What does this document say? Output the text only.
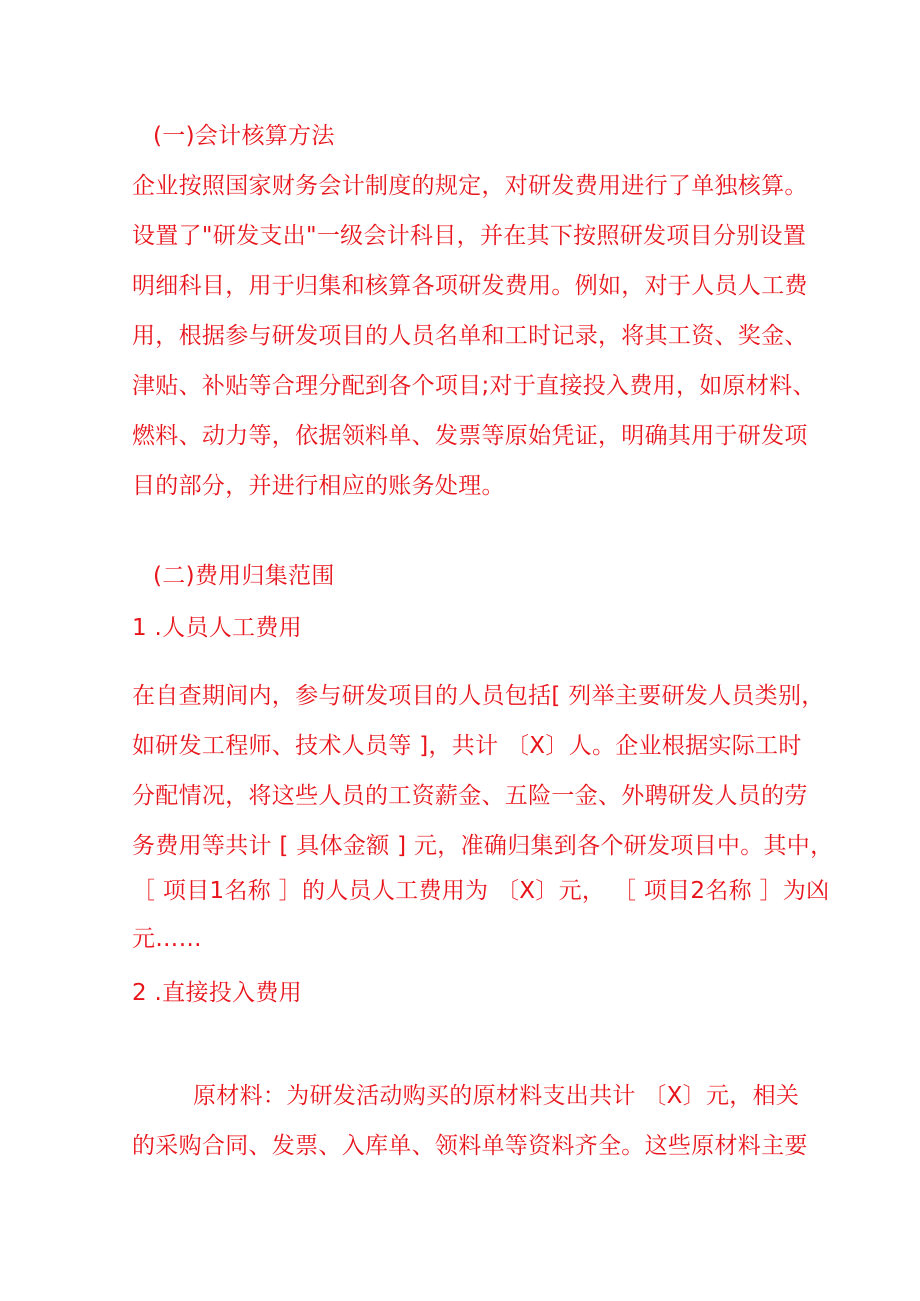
(一)会计核算方法
企业按照国家财务会计制度的规定，对研发费用进行了单独核算。
设置了"研发支出"一级会计科目，并在其下按照研发项目分别设置
明细科目，用于归集和核算各项研发费用。例如，对于人员人工费
用，根据参与研发项目的人员名单和工时记录，将其工资、奖金、
津贴、补贴等合理分配到各个项目;对于直接投入费用，如原材料、
燃料、动力等，依据领料单、发票等原始凭证，明确其用于研发项
目的部分，并进行相应的账务处理。
(二)费用归集范围
1 .人员人工费用
在自查期间内，参与研发项目的人员包括[ 列举主要研发人员类别，
如研发工程师、技术人员等 ]，共计 〔X〕人。企业根据实际工时
分配情况，将这些人员的工资薪金、五险一金、外聘研发人员的劳
务费用等共计 [ 具体金额 ] 元，准确归集到各个研发项目中。其中，
［ 项目1名称 ］的人员人工费用为 〔X〕元， ［ 项目2名称 ］为凶
元……
2 .直接投入费用
原材料：为研发活动购买的原材料支出共计 〔X〕元，相关
的采购合同、发票、入库单、领料单等资料齐全。这些原材料主要
